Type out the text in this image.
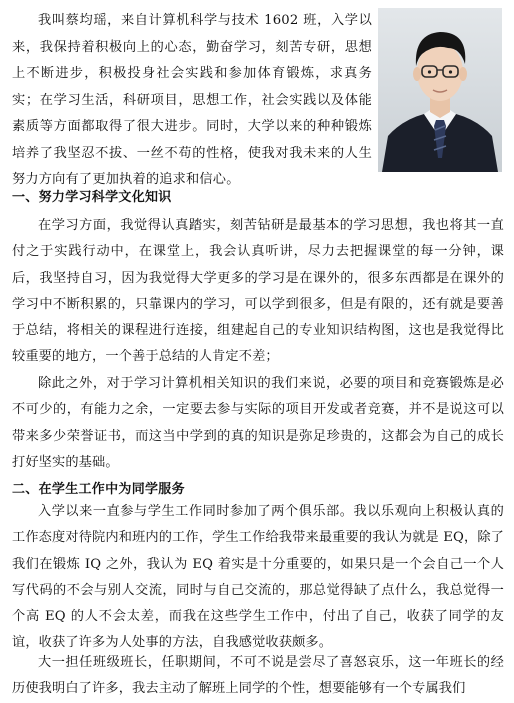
我叫蔡均瑶，来自计算机科学与技术 1602 班，入学以来，我保持着积极向上的心态，勤奋学习，刻苦专研，思想上不断进步，积极投身社会实践和参加体育锻炼，求真务实；在学习生活，科研项目，思想工作，社会实践以及体能素质等方面都取得了很大进步。同时，大学以来的种种锻炼培养了我坚忍不拔、一丝不苟的性格，使我对我未来的人生努力方向有了更加执着的追求和信心。

一、努力学习科学文化知识

在学习方面，我觉得认真踏实，刻苦钻研是最基本的学习思想，我也将其一直付之于实践行动中，在课堂上，我会认真听讲，尽力去把握课堂的每一分钟，课后，我坚持自习，因为我觉得大学更多的学习是在课外的，很多东西都是在课外的学习中不断积累的，只靠课内的学习，可以学到很多，但是有限的，还有就是要善于总结，将相关的课程进行连接，组建起自己的专业知识结构图，这也是我觉得比较重要的地方，一个善于总结的人肯定不差；

除此之外，对于学习计算机相关知识的我们来说，必要的项目和竞赛锻炼是必不可少的，有能力之余，一定要去参与实际的项目开发或者竞赛，并不是说这可以带来多少荣誉证书，而这当中学到的真的知识是弥足珍贵的，这都会为自己的成长打好坚实的基础。

二、在学生工作中为同学服务

入学以来一直参与学生工作同时参加了两个俱乐部。我以乐观向上积极认真的工作态度对待院内和班内的工作，学生工作给我带来最重要的我认为就是 EQ，除了我们在锻炼 IQ 之外，我认为 EQ 着实是十分重要的，如果只是一个会自己一个人写代码的不会与别人交流，同时与自己交流的，那总觉得缺了点什么，我总觉得一个高 EQ 的人不会太差，而我在这些学生工作中，付出了自己，收获了同学的友谊，收获了许多为人处事的方法，自我感觉收获颇多。

大一担任班级班长，任职期间，不可不说是尝尽了喜怒哀乐，这一年班长的经历使我明白了许多，我去主动了解班上同学的个性，想要能够有一个专属我们
